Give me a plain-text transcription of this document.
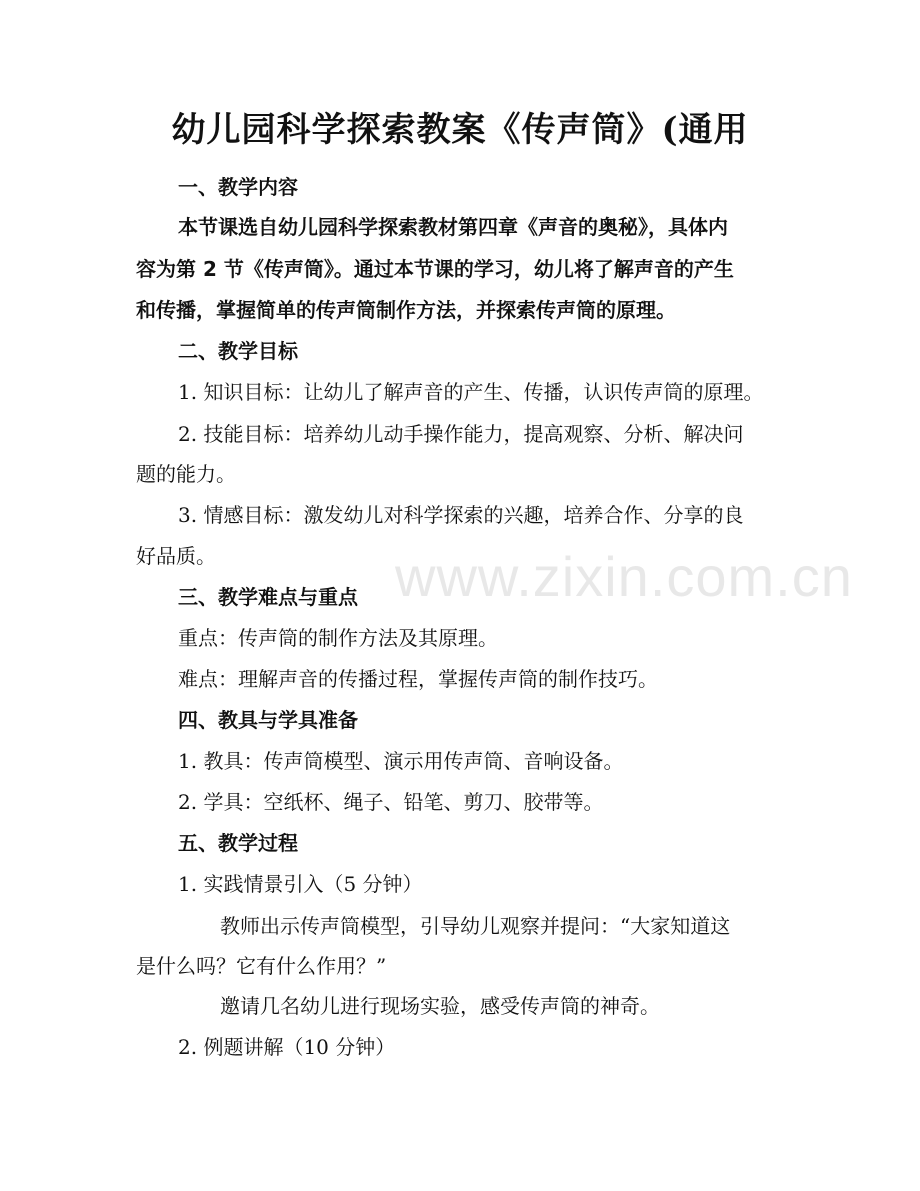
www.zixin.com.cn
幼儿园科学探索教案《传声筒》(通用
一、教学内容
本节课选自幼儿园科学探索教材第四章《声音的奥秘》，具体内
容为第 2 节《传声筒》。通过本节课的学习，幼儿将了解声音的产生
和传播，掌握简单的传声筒制作方法，并探索传声筒的原理。
二、教学目标
1. 知识目标：让幼儿了解声音的产生、传播，认识传声筒的原理。
2. 技能目标：培养幼儿动手操作能力，提高观察、分析、解决问
题的能力。
3. 情感目标：激发幼儿对科学探索的兴趣，培养合作、分享的良
好品质。
三、教学难点与重点
重点：传声筒的制作方法及其原理。
难点：理解声音的传播过程，掌握传声筒的制作技巧。
四、教具与学具准备
1. 教具：传声筒模型、演示用传声筒、音响设备。
2. 学具：空纸杯、绳子、铅笔、剪刀、胶带等。
五、教学过程
1. 实践情景引入（5 分钟）
教师出示传声筒模型，引导幼儿观察并提问：“大家知道这
是什么吗？它有什么作用？”
邀请几名幼儿进行现场实验，感受传声筒的神奇。
2. 例题讲解（10 分钟）
